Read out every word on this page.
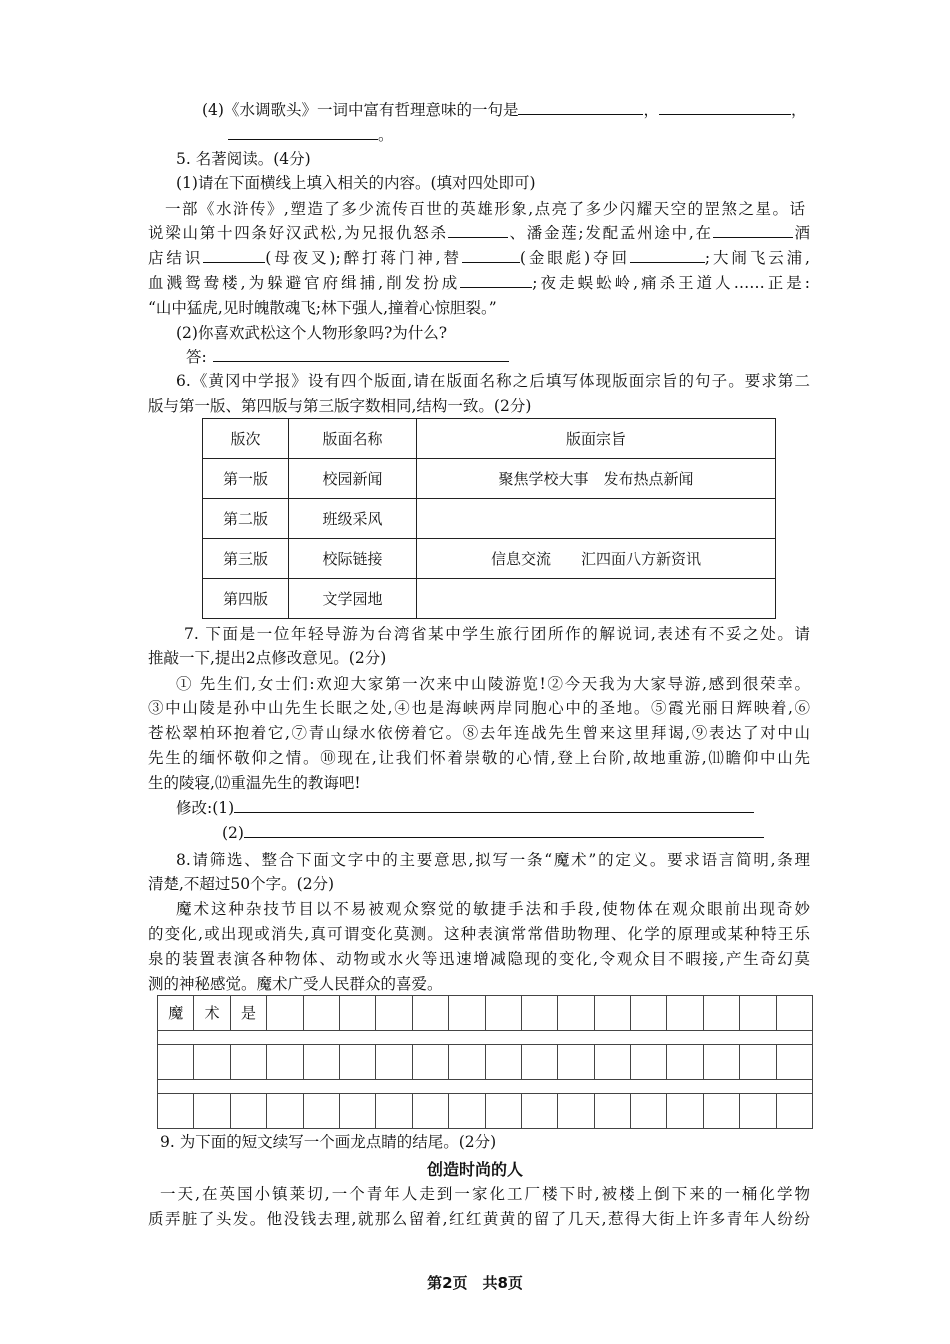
(4)《水调歌头》一词中富有哲理意味的一句是	，	，
。
5. 名著阅读。(4分)
(1)请在下面横线上填入相关的内容。(填对四处即可)
一部《水浒传》,塑造了多少流传百世的英雄形象,点亮了多少闪耀天空的罡煞之星。话
说梁山第十四条好汉武松,为兄报仇怒杀	、潘金莲;发配孟州途中,在	酒
店结识	(母夜叉);醉打蒋门神,替	(金眼彪)夺回	;大闹飞云浦,
血溅鸳鸯楼,为躲避官府缉捕,削发扮成	;夜走蜈蚣岭,痛杀王道人……正是:
“山中猛虎,见时魄散魂飞;林下强人,撞着心惊胆裂。”
(2)你喜欢武松这个人物形象吗?为什么?
答:
6.《黄冈中学报》设有四个版面,请在版面名称之后填写体现版面宗旨的句子。要求第二
版与第一版、第四版与第三版字数相同,结构一致。(2分)
版次	版面名称	版面宗旨
第一版	校园新闻	聚焦学校大事　发布热点新闻
第二版	班级采风	
第三版	校际链接	信息交流　　汇四面八方新资讯
第四版	文学园地	
7. 下面是一位年轻导游为台湾省某中学生旅行团所作的解说词,表述有不妥之处。请
推敲一下,提出2点修改意见。(2分)
① 先生们,女士们:欢迎大家第一次来中山陵游览!②今天我为大家导游,感到很荣幸。
③中山陵是孙中山先生长眠之处,④也是海峡两岸同胞心中的圣地。⑤霞光丽日辉映着,⑥
苍松翠柏环抱着它,⑦青山绿水依傍着它。⑧去年连战先生曾来这里拜谒,⑨表达了对中山
先生的缅怀敬仰之情。⑩现在,让我们怀着崇敬的心情,登上台阶,故地重游,⑾瞻仰中山先
生的陵寝,⑿重温先生的教诲吧!
修改:(1)
(2)
8.请筛选、整合下面文字中的主要意思,拟写一条“魔术”的定义。要求语言简明,条理
清楚,不超过50个字。(2分)
魔术这种杂技节目以不易被观众察觉的敏捷手法和手段,使物体在观众眼前出现奇妙
的变化,或出现或消失,真可谓变化莫测。这种表演常常借助物理、化学的原理或某种特王乐
泉的装置表演各种物体、动物或水火等迅速增减隐现的变化,令观众目不暇接,产生奇幻莫
测的神秘感觉。魔术广受人民群众的喜爱。
魔	术	是
9. 为下面的短文续写一个画龙点睛的结尾。(2分)
创造时尚的人
一天,在英国小镇莱切,一个青年人走到一家化工厂楼下时,被楼上倒下来的一桶化学物
质弄脏了头发。他没钱去理,就那么留着,红红黄黄的留了几天,惹得大街上许多青年人纷纷
第2页　共8页
